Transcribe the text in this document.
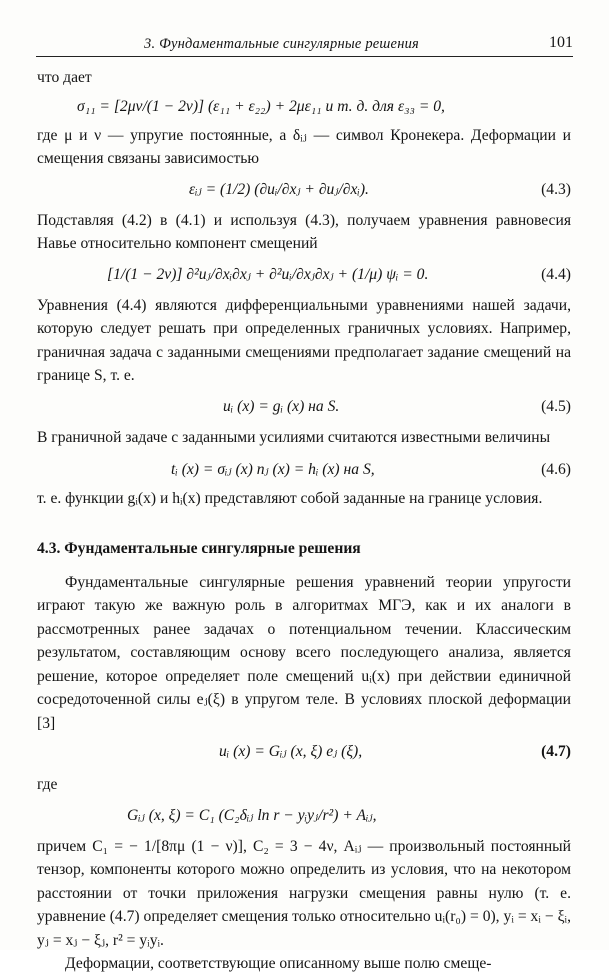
3. Фундаментальные сингулярные решения	101

что дает

σ₁₁ = [2μν/(1 − 2ν)] (ε₁₁ + ε₂₂) + 2με₁₁ и т. д. для ε₃₃ = 0,

где μ и ν — упругие постоянные, а δᵢⱼ — символ Кронекера. Деформации и смещения связаны зависимостью

εᵢⱼ = (1/2) (∂uᵢ/∂xⱼ + ∂uⱼ/∂xᵢ).	(4.3)

Подставляя (4.2) в (4.1) и используя (4.3), получаем уравнения равновесия Навье относительно компонент смещений

[1/(1 − 2ν)] ∂²uⱼ/∂xᵢ∂xⱼ + ∂²uᵢ/∂xⱼ∂xⱼ + (1/μ) ψᵢ = 0.	(4.4)

Уравнения (4.4) являются дифференциальными уравнениями нашей задачи, которую следует решать при определенных граничных условиях. Например, граничная задача с заданными смещениями предполагает задание смещений на границе S, т. е.

uᵢ (x) = gᵢ (x) на S.	(4.5)

В граничной задаче с заданными усилиями считаются известными величины

tᵢ (x) = σᵢⱼ (x) nⱼ (x) = hᵢ (x) на S,	(4.6)

т. е. функции gᵢ(x) и hᵢ(x) представляют собой заданные на границе условия.

4.3. Фундаментальные сингулярные решения

Фундаментальные сингулярные решения уравнений теории упругости играют такую же важную роль в алгоритмах МГЭ, как и их аналоги в рассмотренных ранее задачах о потенциальном течении. Классическим результатом, составляющим основу всего последующего анализа, является решение, которое определяет поле смещений uᵢ(x) при действии единичной сосредоточенной силы eⱼ(ξ) в упругом теле. В условиях плоской деформации [3]

uᵢ (x) = Gᵢⱼ (x, ξ) eⱼ (ξ),	(4.7)

где

Gᵢⱼ (x, ξ) = C₁ (C₂δᵢⱼ ln r − yᵢyⱼ/r²) + Aᵢⱼ,

причем C₁ = − 1/[8πμ (1 − ν)], C₂ = 3 − 4ν, Aᵢⱼ — произвольный постоянный тензор, компоненты которого можно определить из условия, что на некотором расстоянии от точки приложения нагрузки смещения равны нулю (т. е. уравнение (4.7) определяет смещения только относительно uᵢ(r₀) = 0), yᵢ = xᵢ − ξᵢ, yⱼ = xⱼ − ξⱼ, r² = yᵢyᵢ.

Деформации, соответствующие описанному выше полю смеще-
